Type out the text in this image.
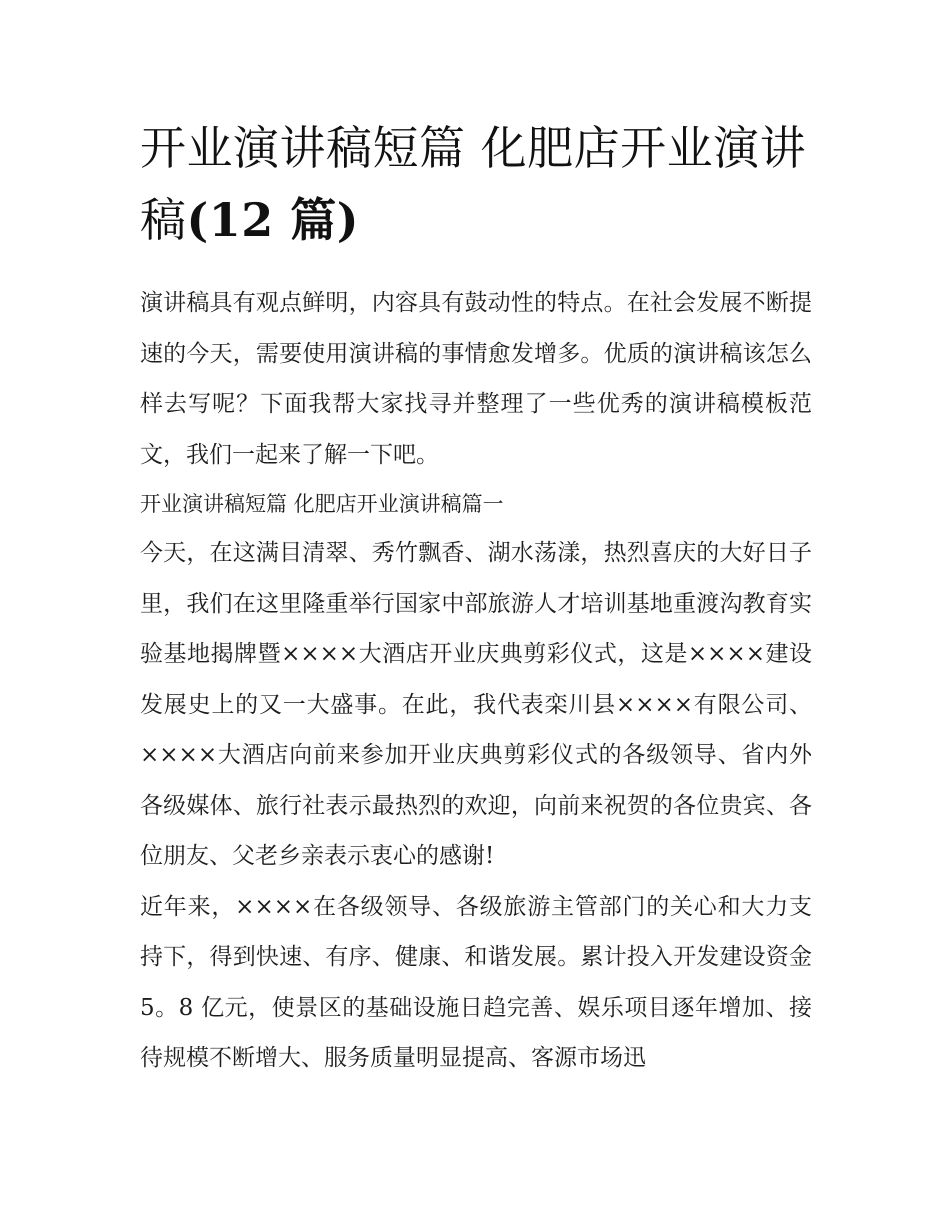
开业演讲稿短篇 化肥店开业演讲稿(12 篇)

演讲稿具有观点鲜明，内容具有鼓动性的特点。在社会发展不断提速的今天，需要使用演讲稿的事情愈发增多。优质的演讲稿该怎么样去写呢？下面我帮大家找寻并整理了一些优秀的演讲稿模板范文，我们一起来了解一下吧。

开业演讲稿短篇 化肥店开业演讲稿篇一

今天，在这满目清翠、秀竹飘香、湖水荡漾，热烈喜庆的大好日子里，我们在这里隆重举行国家中部旅游人才培训基地重渡沟教育实验基地揭牌暨××××大酒店开业庆典剪彩仪式，这是××××建设发展史上的又一大盛事。在此，我代表栾川县××××有限公司、××××大酒店向前来参加开业庆典剪彩仪式的各级领导、省内外各级媒体、旅行社表示最热烈的欢迎，向前来祝贺的各位贵宾、各位朋友、父老乡亲表示衷心的感谢!

近年来，××××在各级领导、各级旅游主管部门的关心和大力支持下，得到快速、有序、健康、和谐发展。累计投入开发建设资金 5。8 亿元，使景区的基础设施日趋完善、娱乐项目逐年增加、接待规模不断增大、服务质量明显提高、客源市场迅
